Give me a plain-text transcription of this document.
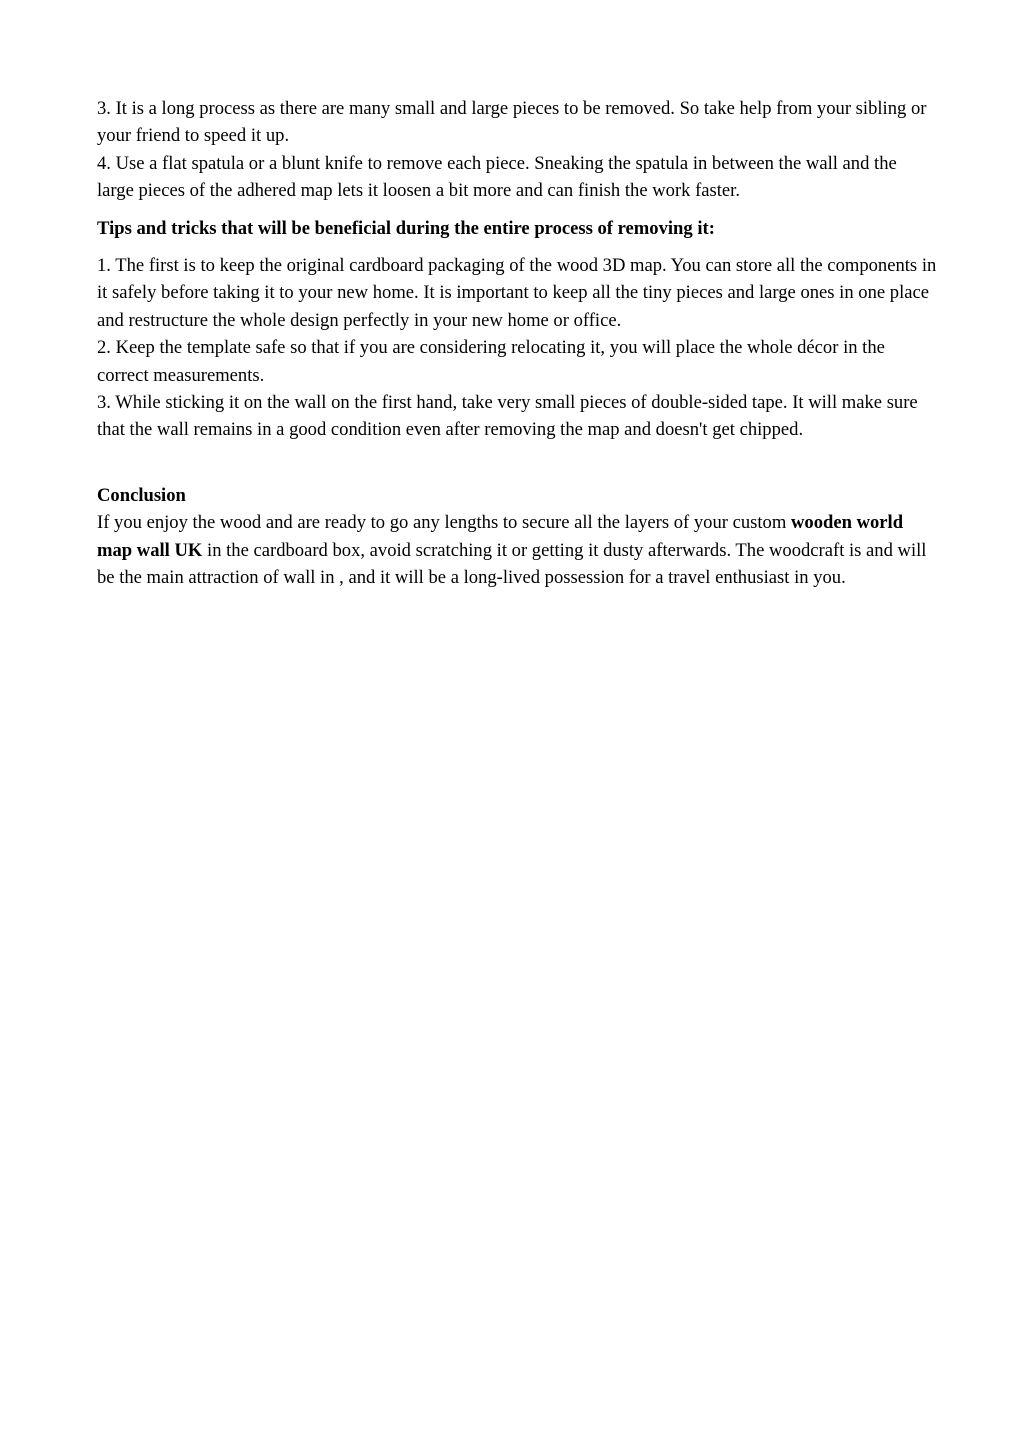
3. It is a long process as there are many small and large pieces to be removed. So take help from your sibling or your friend to speed it up.

4. Use a flat spatula or a blunt knife to remove each piece. Sneaking the spatula in between the wall and the large pieces of the adhered map lets it loosen a bit more and can finish the work faster.

Tips and tricks that will be beneficial during the entire process of removing it:

1. The first is to keep the original cardboard packaging of the wood 3D map. You can store all the components in it safely before taking it to your new home. It is important to keep all the tiny pieces and large ones in one place and restructure the whole design perfectly in your new home or office.

2. Keep the template safe so that if you are considering relocating it, you will place the whole décor in the correct measurements.

3. While sticking it on the wall on the first hand, take very small pieces of double-sided tape. It will make sure that the wall remains in a good condition even after removing the map and doesn't get chipped.

Conclusion

If you enjoy the wood and are ready to go any lengths to secure all the layers of your custom wooden world map wall UK in the cardboard box, avoid scratching it or getting it dusty afterwards. The woodcraft is and will be the main attraction of wall in , and it will be a long-lived possession for a travel enthusiast in you.
